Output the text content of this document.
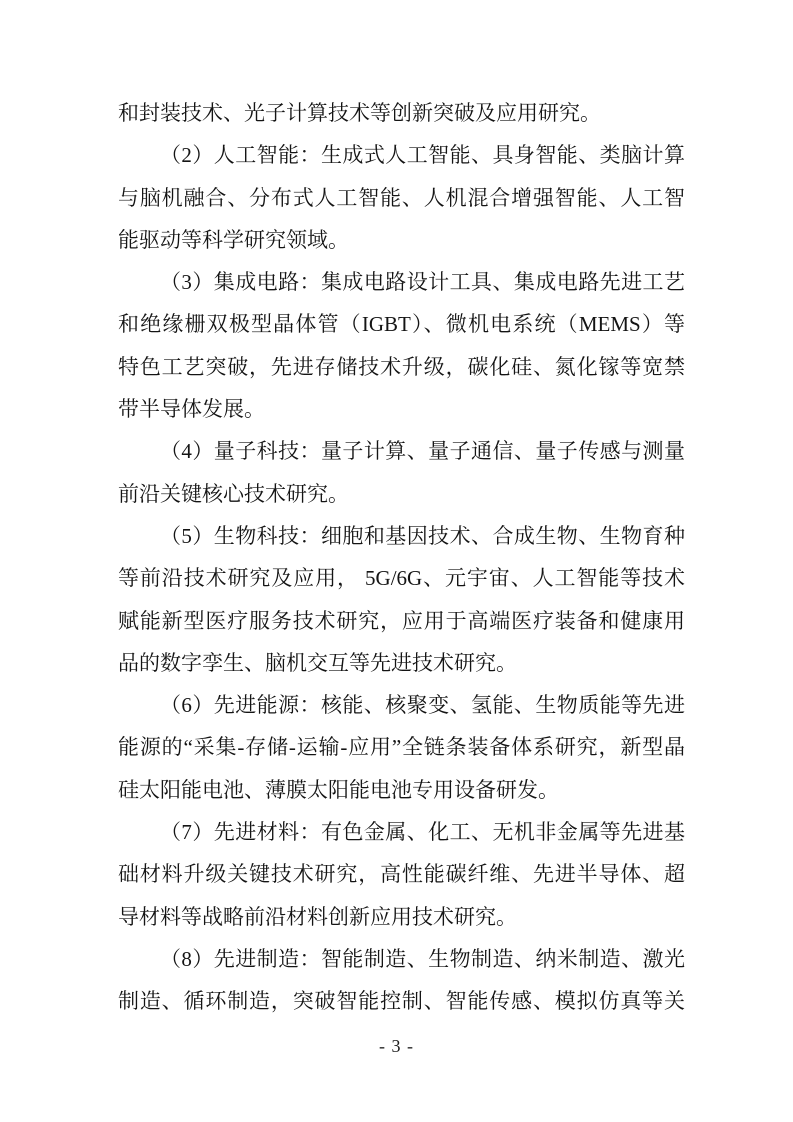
和封装技术、光子计算技术等创新突破及应用研究。
（2）人工智能：生成式人工智能、具身智能、类脑计算
与脑机融合、分布式人工智能、人机混合增强智能、人工智
能驱动等科学研究领域。
（3）集成电路：集成电路设计工具、集成电路先进工艺
和绝缘栅双极型晶体管（IGBT）、微机电系统（MEMS）等
特色工艺突破，先进存储技术升级，碳化硅、氮化镓等宽禁
带半导体发展。
（4）量子科技：量子计算、量子通信、量子传感与测量
前沿关键核心技术研究。
（5）生物科技：细胞和基因技术、合成生物、生物育种
等前沿技术研究及应用， 5G/6G、元宇宙、人工智能等技术
赋能新型医疗服务技术研究，应用于高端医疗装备和健康用
品的数字孪生、脑机交互等先进技术研究。
（6）先进能源：核能、核聚变、氢能、生物质能等先进
能源的“采集-存储-运输-应用”全链条装备体系研究，新型晶
硅太阳能电池、薄膜太阳能电池专用设备研发。
（7）先进材料：有色金属、化工、无机非金属等先进基
础材料升级关键技术研究，高性能碳纤维、先进半导体、超
导材料等战略前沿材料创新应用技术研究。
（8）先进制造：智能制造、生物制造、纳米制造、激光
制造、循环制造，突破智能控制、智能传感、模拟仿真等关
- 3 -
